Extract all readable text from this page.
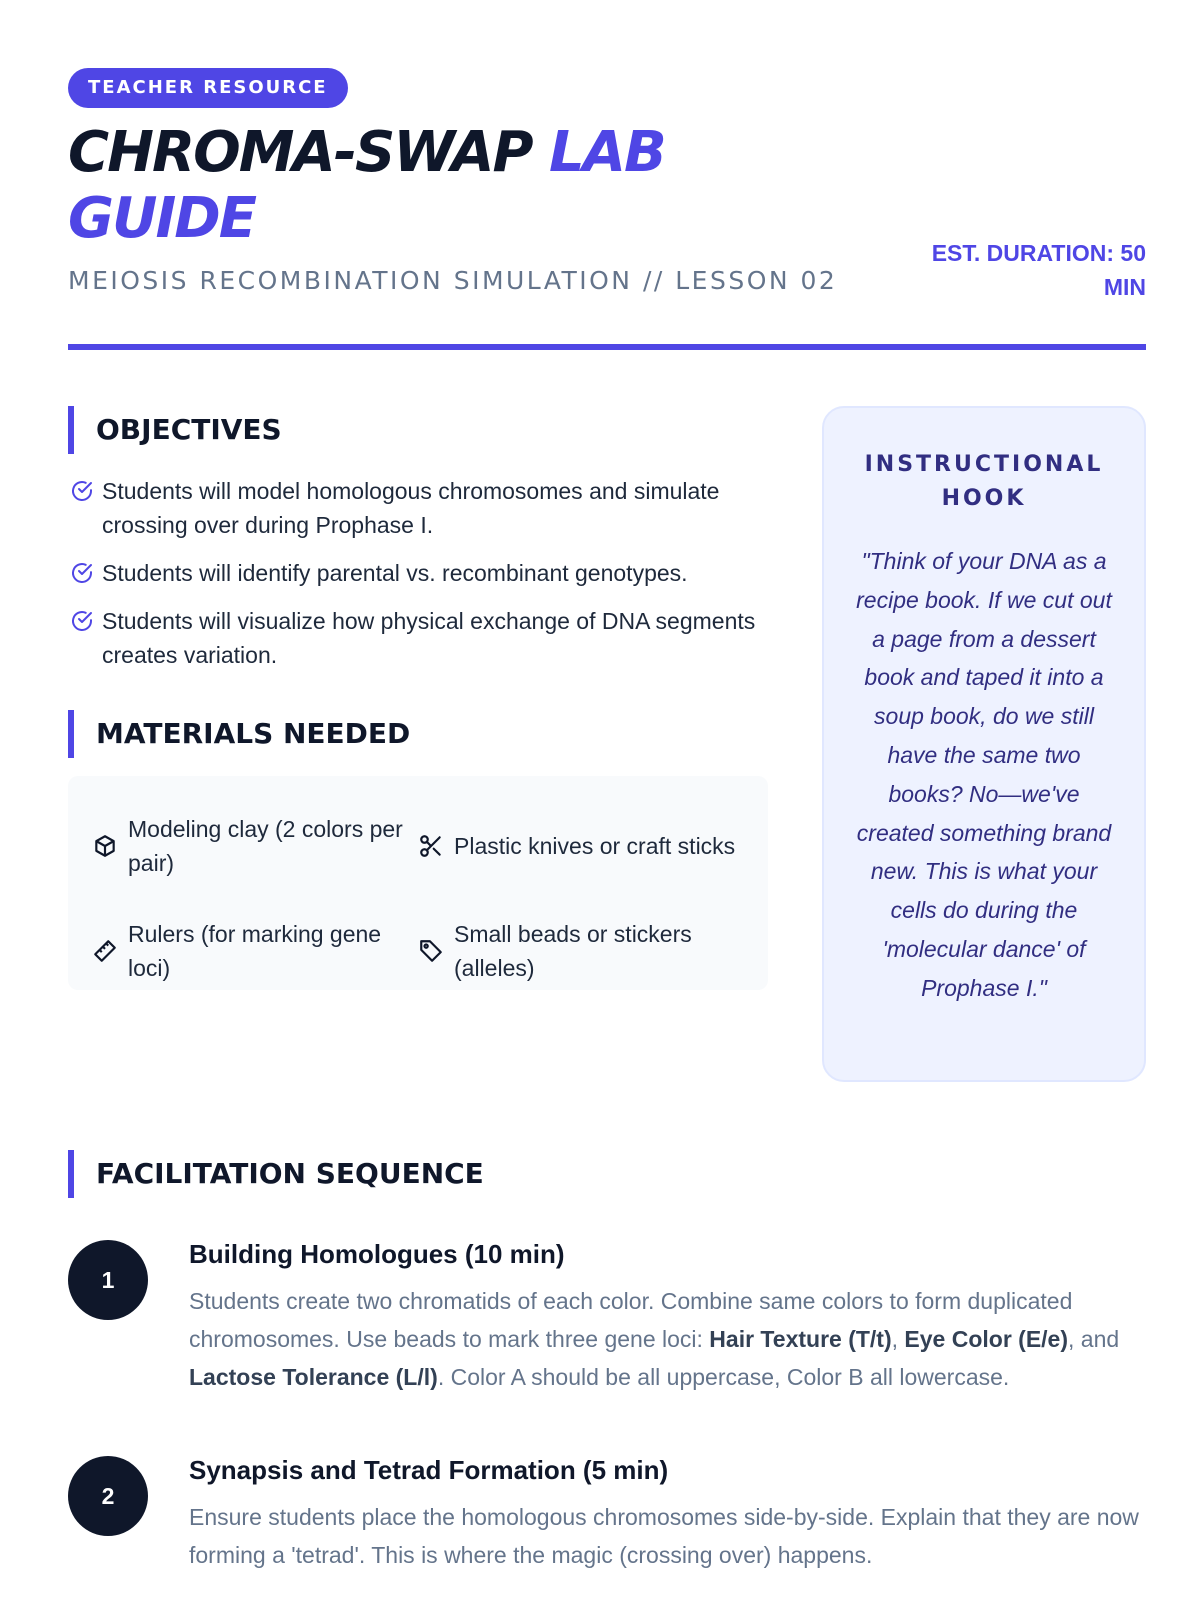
TEACHER RESOURCE
CHROMA-SWAP LAB GUIDE
MEIOSIS RECOMBINATION SIMULATION // LESSON 02
EST. DURATION: 50 MIN
OBJECTIVES
Students will model homologous chromosomes and simulate crossing over during Prophase I.
Students will identify parental vs. recombinant genotypes.
Students will visualize how physical exchange of DNA segments creates variation.
MATERIALS NEEDED
Modeling clay (2 colors per pair)
Plastic knives or craft sticks
Rulers (for marking gene loci)
Small beads or stickers (alleles)
INSTRUCTIONAL HOOK

"Think of your DNA as a recipe book. If we cut out a page from a dessert book and taped it into a soup book, do we still have the same two books? No—we've created something brand new. This is what your cells do during the 'molecular dance' of Prophase I."

FACILITATION SEQUENCE
1
Building Homologues (10 min)

Students create two chromatids of each color. Combine same colors to form duplicated chromosomes. Use beads to mark three gene loci: Hair Texture (T/t), Eye Color (E/e), and Lactose Tolerance (L/l). Color A should be all uppercase, Color B all lowercase.

2
Synapsis and Tetrad Formation (5 min)

Ensure students place the homologous chromosomes side-by-side. Explain that they are now forming a 'tetrad'. This is where the magic (crossing over) happens.
